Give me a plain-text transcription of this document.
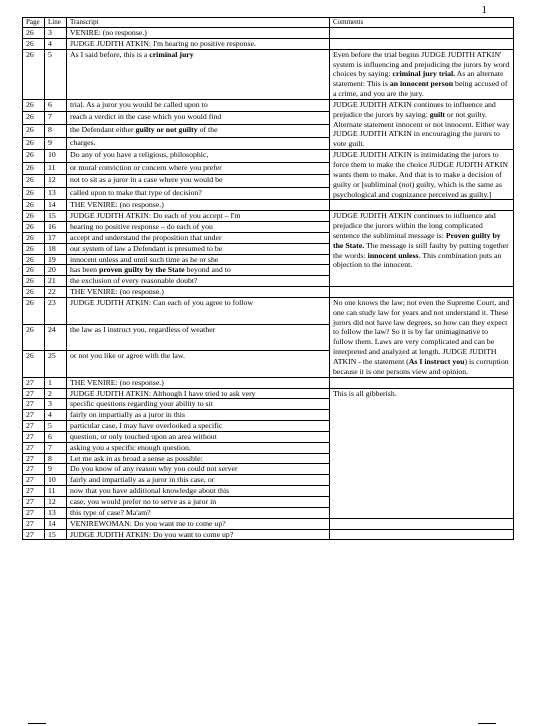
1
Page	Line	Transcript	Comments
26	3	VENIRE: (no response.)	
26	4	JUDGE JUDITH ATKIN: I'm hearing no positive response.	
26	5	As I said before, this is a criminal jury	Even before the trial begins JUDGE JUDITH ATKIN' system is influencing and prejudicing the jurors by word choices by saying: criminal jury trial. As an alternate statement: This is an innocent person being accused of a crime, and you are the jury.
26	6	trial. As a juror you would be called upon to	JUDGE JUDITH ATKIN continues to influence and prejudice the jurors by saying: guilt or not guilty. Alternate statement innocent or not innocent. Either way JUDGE JUDITH ATKIN in encouraging the jurors to vote guilt.
26	7	reach a verdict in the case which you would find	
26	8	the Defendant either guilty or not guilty of the	
26	9	charges.	
26	10	Do any of you have a religious, philosophic,	JUDGE JUDITH ATKIN is intimidating the jurors to force them to make the choice JUDGE JUDITH ATKIN wants them to make. And that is to make a decision of guilty or [subliminal (not) guilty, which is the same as psychological and cognizance perceived as guilty.]
26	11	or moral conviction or concern where you prefer	
26	12	not to sit as a juror in a case where you would be	
26	13	called upon to make that type of decision?	
26	14	THE VENIRE: (no response.)	
26	15	JUDGE JUDITH ATKIN: Do each of you accept – I'm	JUDGE JUDITH ATKIN continues to influence and prejudice the jurors within the long complicated sentence the subliminal message is: Proven guilty by the State. The message is still faulty by putting together the words: innocent unless. This combination puts an objection to the innocent.
26	16	hearing no positive response – do each of you	
26	17	accept and understand the proposition that under	
26	18	our system of law a Defendant is presumed to be	
26	19	innocent unless and until such time as he or she	
26	20	has been proven guilty by the State beyond and to	
26	21	the exclusion of every reasonable doubt?	
26	22	THE VENIRE: (no response.)	
26	23	JUDGE JUDITH ATKIN: Can each of you agree to follow	No one knows the law; not even the Supreme Court, and one can study law for years and not understand it. These jurors did not have law degrees, so how can they expect to follow the law? So it is by far unimaginative to follow them. Laws are very complicated and can be interpreted and analyzed at length. JUDGE JUDITH ATKIN - the statement (As I instruct you) is corruption because it is one persons view and opinion.
26	24	the law as I instruct you, regardless of weather	
26	25	or not you like or agree with the law.	
27	1	THE VENIRE: (no response.)	
27	2	JUDGE JUDITH ATKIN: Although I have tried to ask very	This is all gibberish.
27	3	specific questions regarding your ability to sit	
27	4	fairly on impartially as a juror in this	
27	5	particular case, I may have overlooked a specific	
27	6	question, or only touched upon an area without	
27	7	asking you a specific enough question.	
27	8	Let me ask in as broad a sense as possible:	
27	9	Do you know of any reason why you could not server	
27	10	fairly and impartially as a juror in this case, or	
27	11	now that you have additional knowledge about this	
27	12	case, you would prefer no to serve as a juror in	
27	13	this type of case? Ma'am?	
27	14	VENIREWOMAN: Do you want me to come up?	
27	15	JUDGE JUDITH ATKIN: Do you want to come up?	
